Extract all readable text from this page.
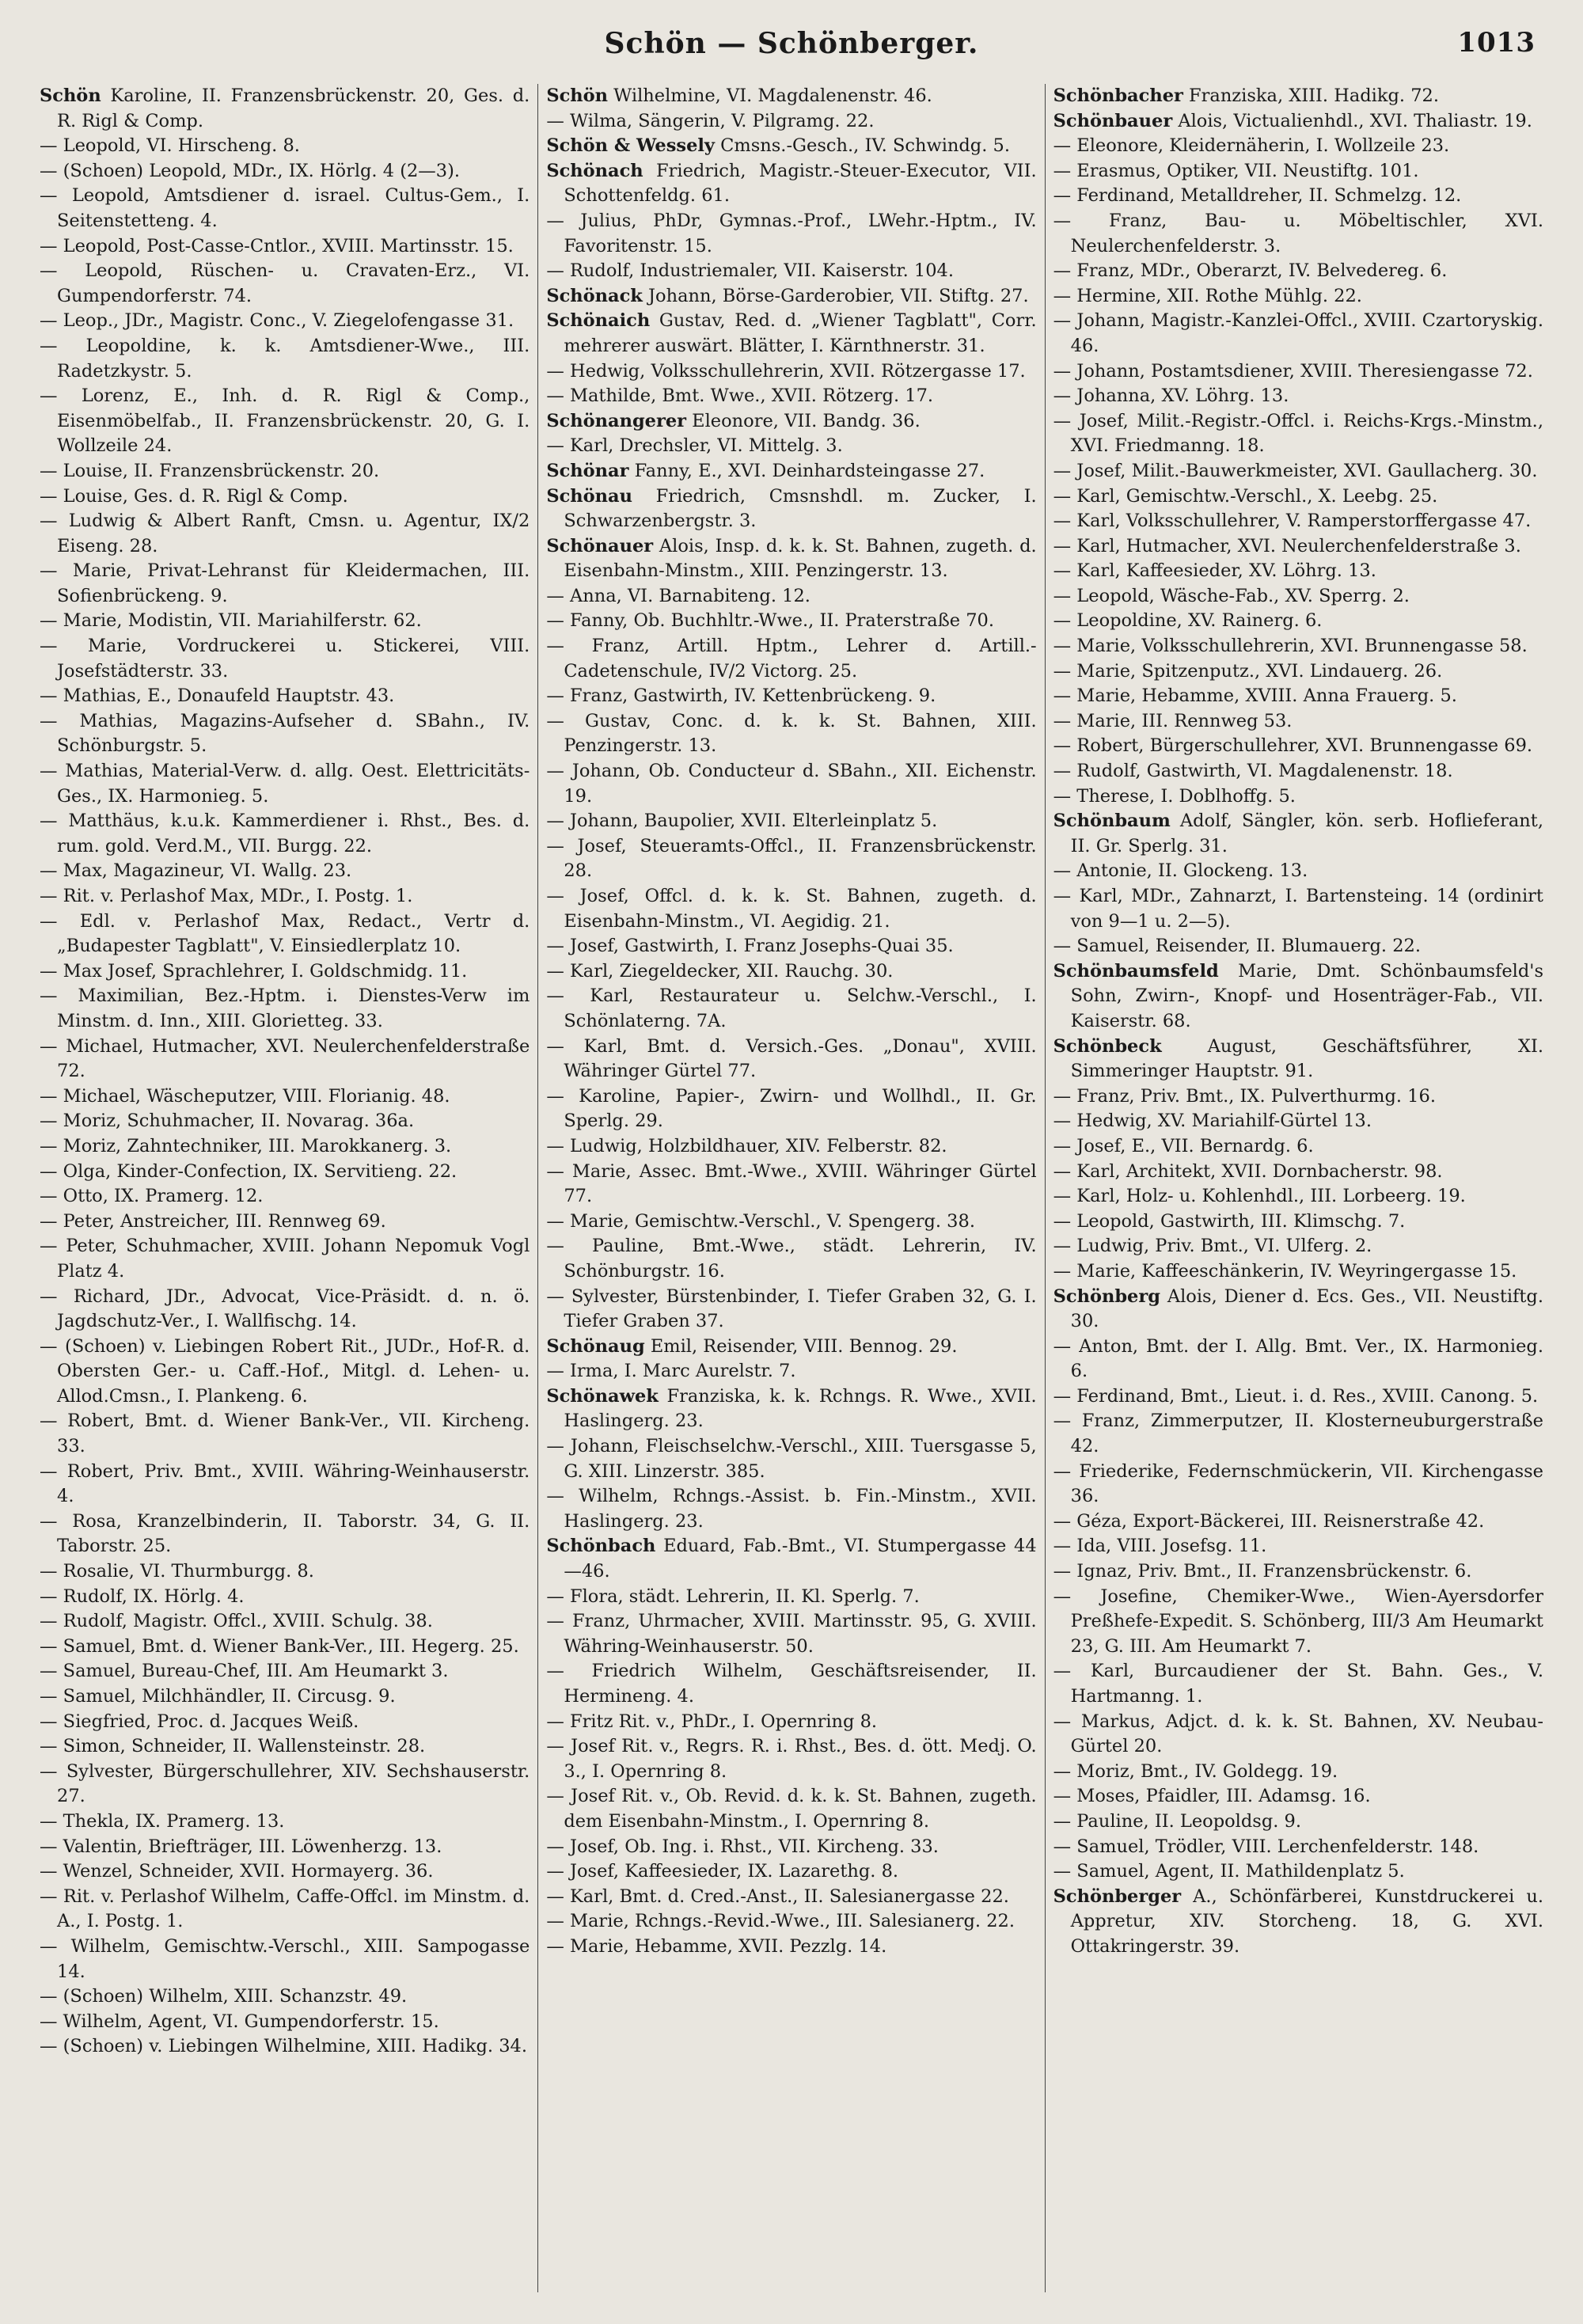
Schön — Schönberger.	1013

Schön Karoline, II. Franzensbrückenstr. 20, Ges. d. R. Rigl & Comp.

— Leopold, VI. Hirscheng. 8.

— (Schoen) Leopold, MDr., IX. Hörlg. 4 (2—3).

— Leopold, Amtsdiener d. israel. Cultus-Gem., I. Seitenstetteng. 4.

— Leopold, Post-Casse-Cntlor., XVIII. Martinsstr. 15.

— Leopold, Rüschen- u. Cravaten-Erz., VI. Gumpendorferstr. 74.

— Leop., JDr., Magistr. Conc., V. Ziegelofengasse 31.

— Leopoldine, k. k. Amtsdiener-Wwe., III. Radetzkystr. 5.

— Lorenz, E., Inh. d. R. Rigl & Comp., Eisenmöbelfab., II. Franzensbrückenstr. 20, G. I. Wollzeile 24.

— Louise, II. Franzensbrückenstr. 20.

— Louise, Ges. d. R. Rigl & Comp.

— Ludwig & Albert Ranft, Cmsn. u. Agentur, IX/2 Eiseng. 28.

— Marie, Privat-Lehranst für Kleidermachen, III. Sofienbrückeng. 9.

— Marie, Modistin, VII. Mariahilferstr. 62.

— Marie, Vordruckerei u. Stickerei, VIII. Josefstädterstr. 33.

— Mathias, E., Donaufeld Hauptstr. 43.

— Mathias, Magazins-Aufseher d. SBahn., IV. Schönburgstr. 5.

— Mathias, Material-Verw. d. allg. Oest. Elettricitäts-Ges., IX. Harmonieg. 5.

— Matthäus, k.u.k. Kammerdiener i. Rhst., Bes. d. rum. gold. Verd.M., VII. Burgg. 22.

— Max, Magazineur, VI. Wallg. 23.

— Rit. v. Perlashof Max, MDr., I. Postg. 1.

— Edl. v. Perlashof Max, Redact., Vertr d. „Budapester Tagblatt", V. Einsiedlerplatz 10.

— Max Josef, Sprachlehrer, I. Goldschmidg. 11.

— Maximilian, Bez.-Hptm. i. Dienstes-Verw im Minstm. d. Inn., XIII. Glorietteg. 33.

— Michael, Hutmacher, XVI. Neulerchenfelderstraße 72.

— Michael, Wäscheputzer, VIII. Florianig. 48.

— Moriz, Schuhmacher, II. Novarag. 36a.

— Moriz, Zahntechniker, III. Marokkanerg. 3.

— Olga, Kinder-Confection, IX. Servitieng. 22.

— Otto, IX. Pramerg. 12.

— Peter, Anstreicher, III. Rennweg 69.

— Peter, Schuhmacher, XVIII. Johann Nepomuk Vogl Platz 4.

— Richard, JDr., Advocat, Vice-Präsidt. d. n. ö. Jagdschutz-Ver., I. Wallfischg. 14.

— (Schoen) v. Liebingen Robert Rit., JUDr., Hof-R. d. Obersten Ger.- u. Caff.-Hof., Mitgl. d. Lehen- u. Allod.Cmsn., I. Plankeng. 6.

— Robert, Bmt. d. Wiener Bank-Ver., VII. Kircheng. 33.

— Robert, Priv. Bmt., XVIII. Währing-Weinhauserstr. 4.

— Rosa, Kranzelbinderin, II. Taborstr. 34, G. II. Taborstr. 25.

— Rosalie, VI. Thurmburgg. 8.

— Rudolf, IX. Hörlg. 4.

— Rudolf, Magistr. Offcl., XVIII. Schulg. 38.

— Samuel, Bmt. d. Wiener Bank-Ver., III. Hegerg. 25.

— Samuel, Bureau-Chef, III. Am Heumarkt 3.

— Samuel, Milchhändler, II. Circusg. 9.

— Siegfried, Proc. d. Jacques Weiß.

— Simon, Schneider, II. Wallensteinstr. 28.

— Sylvester, Bürgerschullehrer, XIV. Sechshauserstr. 27.

— Thekla, IX. Pramerg. 13.

— Valentin, Briefträger, III. Löwenherzg. 13.

— Wenzel, Schneider, XVII. Hormayerg. 36.

— Rit. v. Perlashof Wilhelm, Caffe-Offcl. im Minstm. d. A., I. Postg. 1.

— Wilhelm, Gemischtw.-Verschl., XIII. Sampogasse 14.

— (Schoen) Wilhelm, XIII. Schanzstr. 49.

— Wilhelm, Agent, VI. Gumpendorferstr. 15.

— (Schoen) v. Liebingen Wilhelmine, XIII. Hadikg. 34.

Schön Wilhelmine, VI. Magdalenenstr. 46.

— Wilma, Sängerin, V. Pilgramg. 22.

Schön & Wessely Cmsns.-Gesch., IV. Schwindg. 5.

Schönach Friedrich, Magistr.-Steuer-Executor, VII. Schottenfeldg. 61.

— Julius, PhDr, Gymnas.-Prof., LWehr.-Hptm., IV. Favoritenstr. 15.

— Rudolf, Industriemaler, VII. Kaiserstr. 104.

Schönack Johann, Börse-Garderobier, VII. Stiftg. 27.

Schönaich Gustav, Red. d. „Wiener Tagblatt", Corr. mehrerer auswärt. Blätter, I. Kärnthnerstr. 31.

— Hedwig, Volksschullehrerin, XVII. Rötzergasse 17.

— Mathilde, Bmt. Wwe., XVII. Rötzerg. 17.

Schönangerer Eleonore, VII. Bandg. 36.

— Karl, Drechsler, VI. Mittelg. 3.

Schönar Fanny, E., XVI. Deinhardsteingasse 27.

Schönau Friedrich, Cmsnshdl. m. Zucker, I. Schwarzenbergstr. 3.

Schönauer Alois, Insp. d. k. k. St. Bahnen, zugeth. d. Eisenbahn-Minstm., XIII. Penzingerstr. 13.

— Anna, VI. Barnabiteng. 12.

— Fanny, Ob. Buchhltr.-Wwe., II. Praterstraße 70.

— Franz, Artill. Hptm., Lehrer d. Artill.-Cadetenschule, IV/2 Victorg. 25.

— Franz, Gastwirth, IV. Kettenbrückeng. 9.

— Gustav, Conc. d. k. k. St. Bahnen, XIII. Penzingerstr. 13.

— Johann, Ob. Conducteur d. SBahn., XII. Eichenstr. 19.

— Johann, Baupolier, XVII. Elterleinplatz 5.

— Josef, Steueramts-Offcl., II. Franzensbrückenstr. 28.

— Josef, Offcl. d. k. k. St. Bahnen, zugeth. d. Eisenbahn-Minstm., VI. Aegidig. 21.

— Josef, Gastwirth, I. Franz Josephs-Quai 35.

— Karl, Ziegeldecker, XII. Rauchg. 30.

— Karl, Restaurateur u. Selchw.-Verschl., I. Schönlaterng. 7A.

— Karl, Bmt. d. Versich.-Ges. „Donau", XVIII. Währinger Gürtel 77.

— Karoline, Papier-, Zwirn- und Wollhdl., II. Gr. Sperlg. 29.

— Ludwig, Holzbildhauer, XIV. Felberstr. 82.

— Marie, Assec. Bmt.-Wwe., XVIII. Währinger Gürtel 77.

— Marie, Gemischtw.-Verschl., V. Spengerg. 38.

— Pauline, Bmt.-Wwe., städt. Lehrerin, IV. Schönburgstr. 16.

— Sylvester, Bürstenbinder, I. Tiefer Graben 32, G. I. Tiefer Graben 37.

Schönaug Emil, Reisender, VIII. Bennog. 29.

— Irma, I. Marc Aurelstr. 7.

Schönawek Franziska, k. k. Rchngs. R. Wwe., XVII. Haslingerg. 23.

— Johann, Fleischselchw.-Verschl., XIII. Tuersgasse 5, G. XIII. Linzerstr. 385.

— Wilhelm, Rchngs.-Assist. b. Fin.-Minstm., XVII. Haslingerg. 23.

Schönbach Eduard, Fab.-Bmt., VI. Stumpergasse 44—46.

— Flora, städt. Lehrerin, II. Kl. Sperlg. 7.

— Franz, Uhrmacher, XVIII. Martinsstr. 95, G. XVIII. Währing-Weinhauserstr. 50.

— Friedrich Wilhelm, Geschäftsreisender, II. Hermineng. 4.

— Fritz Rit. v., PhDr., I. Opernring 8.

— Josef Rit. v., Regrs. R. i. Rhst., Bes. d. ött. Medj. O. 3., I. Opernring 8.

— Josef Rit. v., Ob. Revid. d. k. k. St. Bahnen, zugeth. dem Eisenbahn-Minstm., I. Opernring 8.

— Josef, Ob. Ing. i. Rhst., VII. Kircheng. 33.

— Josef, Kaffeesieder, IX. Lazarethg. 8.

— Karl, Bmt. d. Cred.-Anst., II. Salesianergasse 22.

— Marie, Rchngs.-Revid.-Wwe., III. Salesianerg. 22.

— Marie, Hebamme, XVII. Pezzlg. 14.

Schönbacher Franziska, XIII. Hadikg. 72.

Schönbauer Alois, Victualienhdl., XVI. Thaliastr. 19.

— Eleonore, Kleidernäherin, I. Wollzeile 23.

— Erasmus, Optiker, VII. Neustiftg. 101.

— Ferdinand, Metalldreher, II. Schmelzg. 12.

— Franz, Bau- u. Möbeltischler, XVI. Neulerchenfelderstr. 3.

— Franz, MDr., Oberarzt, IV. Belvedereg. 6.

— Hermine, XII. Rothe Mühlg. 22.

— Johann, Magistr.-Kanzlei-Offcl., XVIII. Czartoryskig. 46.

— Johann, Postamtsdiener, XVIII. Theresiengasse 72.

— Johanna, XV. Löhrg. 13.

— Josef, Milit.-Registr.-Offcl. i. Reichs-Krgs.-Minstm., XVI. Friedmanng. 18.

— Josef, Milit.-Bauwerkmeister, XVI. Gaullacherg. 30.

— Karl, Gemischtw.-Verschl., X. Leebg. 25.

— Karl, Volksschullehrer, V. Ramperstorffergasse 47.

— Karl, Hutmacher, XVI. Neulerchenfelderstraße 3.

— Karl, Kaffeesieder, XV. Löhrg. 13.

— Leopold, Wäsche-Fab., XV. Sperrg. 2.

— Leopoldine, XV. Rainerg. 6.

— Marie, Volksschullehrerin, XVI. Brunnengasse 58.

— Marie, Spitzenputz., XVI. Lindauerg. 26.

— Marie, Hebamme, XVIII. Anna Frauerg. 5.

— Marie, III. Rennweg 53.

— Robert, Bürgerschullehrer, XVI. Brunnengasse 69.

— Rudolf, Gastwirth, VI. Magdalenenstr. 18.

— Therese, I. Doblhoffg. 5.

Schönbaum Adolf, Sängler, kön. serb. Hoflieferant, II. Gr. Sperlg. 31.

— Antonie, II. Glockeng. 13.

— Karl, MDr., Zahnarzt, I. Bartensteing. 14 (ordinirt von 9—1 u. 2—5).

— Samuel, Reisender, II. Blumauerg. 22.

Schönbaumsfeld Marie, Dmt. Schönbaumsfeld's Sohn, Zwirn-, Knopf- und Hosenträger-Fab., VII. Kaiserstr. 68.

Schönbeck	August, Geschäftsführer, XI. Simmeringer Hauptstr. 91.

— Franz, Priv. Bmt., IX. Pulverthurmg. 16.

— Hedwig, XV. Mariahilf-Gürtel 13.

— Josef, E., VII. Bernardg. 6.

— Karl, Architekt, XVII. Dornbacherstr. 98.

— Karl, Holz- u. Kohlenhdl., III. Lorbeerg. 19.

— Leopold, Gastwirth, III. Klimschg. 7.

— Ludwig, Priv. Bmt., VI. Ulferg. 2.

— Marie, Kaffeeschänkerin, IV. Weyringergasse 15.

Schönberg Alois, Diener d. Ecs. Ges., VII. Neustiftg. 30.

— Anton, Bmt. der I. Allg. Bmt. Ver., IX. Harmonieg. 6.

— Ferdinand, Bmt., Lieut. i. d. Res., XVIII. Canong. 5.

— Franz, Zimmerputzer, II. Klosterneuburgerstraße 42.

— Friederike, Federnschmückerin, VII. Kirchengasse 36.

— Géza, Export-Bäckerei, III. Reisnerstraße 42.

— Ida, VIII. Josefsg. 11.

— Ignaz, Priv. Bmt., II. Franzensbrückenstr. 6.

— Josefine, Chemiker-Wwe., Wien-Ayersdorfer Preßhefe-Expedit. S. Schönberg, III/3 Am Heumarkt 23, G. III. Am Heumarkt 7.

— Karl, Burcaudiener der St. Bahn. Ges., V. Hartmanng. 1.

— Markus, Adjct. d. k. k. St. Bahnen, XV. Neubau-Gürtel 20.

— Moriz, Bmt., IV. Goldegg. 19.

— Moses, Pfaidler, III. Adamsg. 16.

— Pauline, II. Leopoldsg. 9.

— Samuel, Trödler, VIII. Lerchenfelderstr. 148.

— Samuel, Agent, II. Mathildenplatz 5.

Schönberger A., Schönfärberei, Kunstdruckerei u. Appretur, XIV. Storcheng. 18, G. XVI. Ottakringerstr. 39.
